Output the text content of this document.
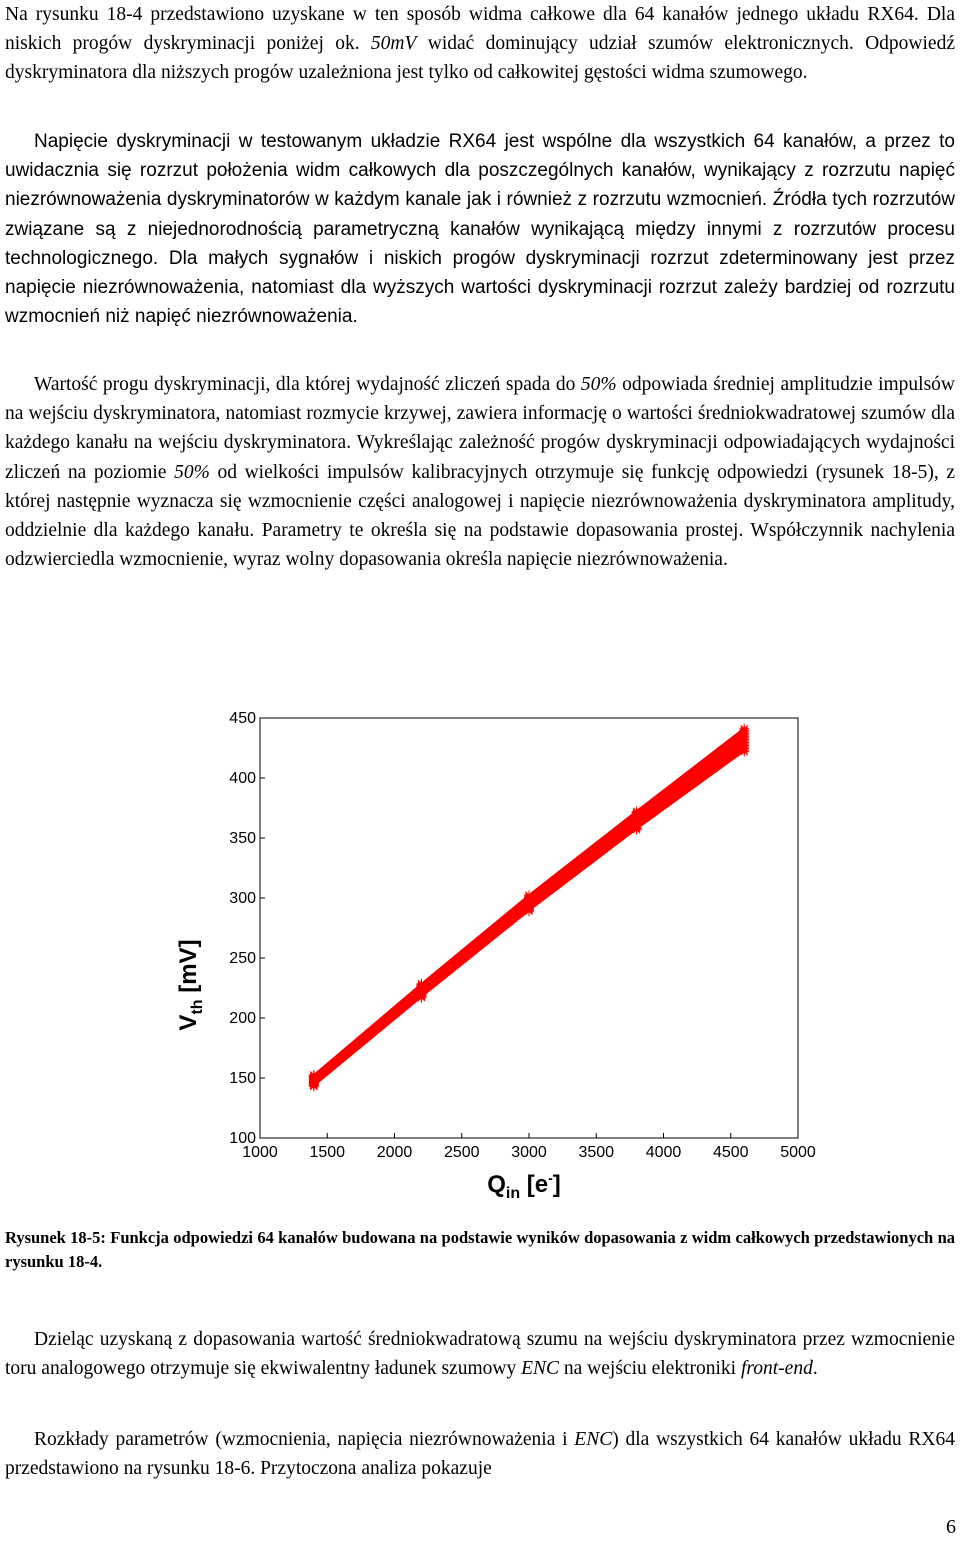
Na rysunku 18-4 przedstawiono uzyskane w ten sposób widma całkowe dla 64 kanałów jednego układu RX64. Dla niskich progów dyskryminacji poniżej ok. 50mV widać dominujący udział szumów elektronicznych. Odpowiedź dyskryminatora dla niższych progów uzależniona jest tylko od całkowitej gęstości widma szumowego.

Napięcie dyskryminacji w testowanym układzie RX64 jest wspólne dla wszystkich 64 kanałów, a przez to uwidacznia się rozrzut położenia widm całkowych dla poszczególnych kanałów, wynikający z rozrzutu napięć niezrównoważenia dyskryminatorów w każdym kanale jak i również z rozrzutu wzmocnień. Źródła tych rozrzutów związane są z niejednorodnością parametryczną kanałów wynikającą między innymi z rozrzutów procesu technologicznego. Dla małych sygnałów i niskich progów dyskryminacji rozrzut zdeterminowany jest przez napięcie niezrównoważenia, natomiast dla wyższych wartości dyskryminacji rozrzut zależy bardziej od rozrzutu wzmocnień niż napięć niezrównoważenia.

Wartość progu dyskryminacji, dla której wydajność zliczeń spada do 50% odpowiada średniej amplitudzie impulsów na wejściu dyskryminatora, natomiast rozmycie krzywej, zawiera informację o wartości średniokwadratowej szumów dla każdego kanału na wejściu dyskryminatora. Wykreślając zależność progów dyskryminacji odpowiadających wydajności zliczeń na poziomie 50% od wielkości impulsów kalibracyjnych otrzymuje się funkcję odpowiedzi (rysunek 18-5), z której następnie wyznacza się wzmocnienie części analogowej i napięcie niezrównoważenia dyskryminatora amplitudy, oddzielnie dla każdego kanału. Parametry te określa się na podstawie dopasowania prostej. Współczynnik nachylenia odzwierciedla wzmocnienie, wyraz wolny dopasowania określa napięcie niezrównoważenia.

450
400
350
300
250
200
150
100
1000 1500 2000 2500 3000 3500 4000 4500 5000
$V_{th}$ [mV]
$Q_{in}$ [e-]

Rysunek 18-5: Funkcja odpowiedzi 64 kanałów budowana na podstawie wyników dopasowania z widm całkowych przedstawionych na rysunku 18-4.

Dzieląc uzyskaną z dopasowania wartość średniokwadratową szumu na wejściu dyskryminatora przez wzmocnienie toru analogowego otrzymuje się ekwiwalentny ładunek szumowy ENC na wejściu elektroniki front-end.

Rozkłady parametrów (wzmocnienia, napięcia niezrównoważenia i ENC) dla wszystkich 64 kanałów układu RX64 przedstawiono na rysunku 18-6. Przytoczona analiza pokazuje

6
